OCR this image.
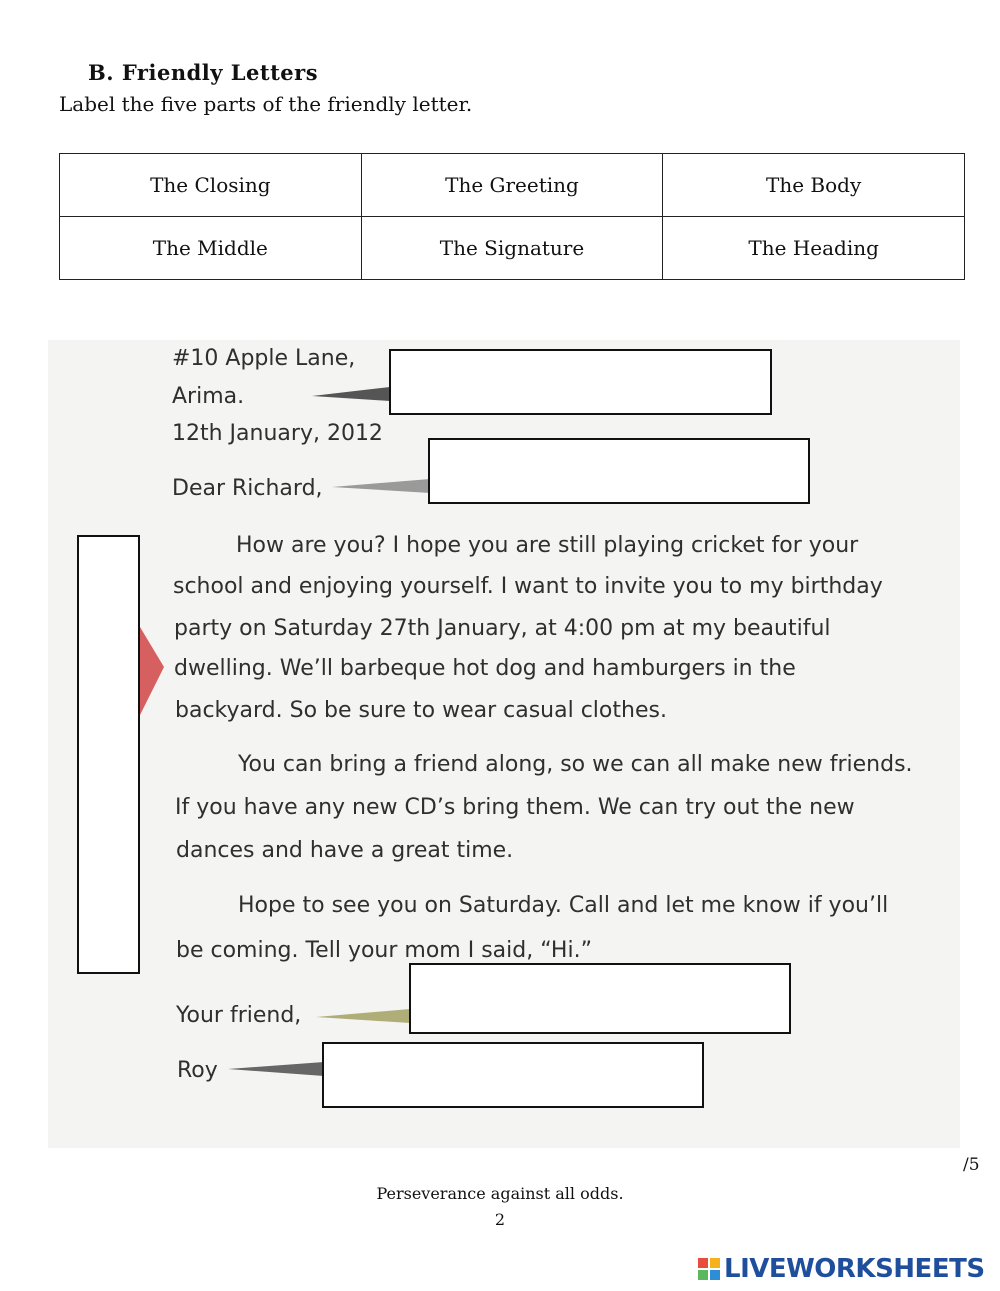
B. Friendly Letters
Label the five parts of the friendly letter.
The Closing	The Greeting	The Body
The Middle	The Signature	The Heading
#10 Apple Lane,
Arima.
12th January, 2012
Dear Richard,
How are you? I hope you are still playing cricket for your
school and enjoying yourself. I want to invite you to my birthday
party on Saturday 27th January, at 4:00 pm at my beautiful
dwelling. We’ll barbeque hot dog and hamburgers in the
backyard. So be sure to wear casual clothes.
You can bring a friend along, so we can all make new friends.
If you have any new CD’s bring them. We can try out the new
dances and have a great time.
Hope to see you on Saturday. Call and let me know if you’ll
be coming. Tell your mom I said, “Hi.”
Your friend,
Roy
/5
Perseverance against all odds.
2
LIVEWORKSHEETS
